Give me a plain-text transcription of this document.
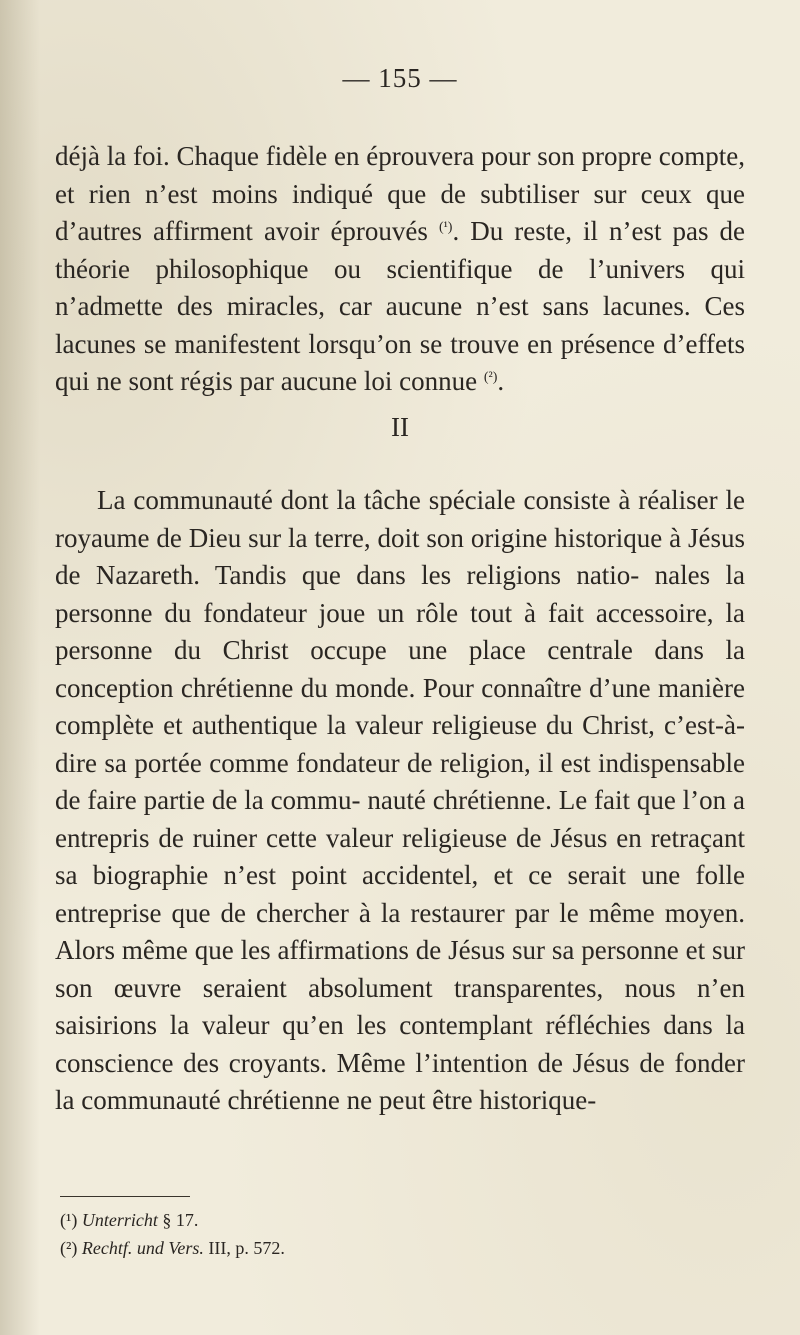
— 155 —
déjà la foi. Chaque fidèle en éprouvera pour son propre compte, et rien n’est moins indiqué que de subtiliser sur ceux que d’autres affirment avoir éprouvés $^{(^1)}$. Du reste, il n’est pas de théorie philosophique ou scientifique de l’univers qui n’admette des miracles, car aucune n’est sans lacunes. Ces lacunes se manifestent lorsqu’on se trouve en présence d’effets qui ne sont régis par aucune loi connue $^{(^2)}$.
II
La communauté dont la tâche spéciale consiste à réaliser le royaume de Dieu sur la terre, doit son origine historique à Jésus de Nazareth. Tandis que dans les religions natio- nales la personne du fondateur joue un rôle tout à fait accessoire, la personne du Christ occupe une place centrale dans la conception chrétienne du monde. Pour connaître d’une manière complète et authentique la valeur religieuse du Christ, c’est-à-dire sa portée comme fondateur de religion, il est indispensable de faire partie de la commu- nauté chrétienne. Le fait que l’on a entrepris de ruiner cette valeur religieuse de Jésus en retraçant sa biographie n’est point accidentel, et ce serait une folle entreprise que de chercher à la restaurer par le même moyen. Alors même que les affirmations de Jésus sur sa personne et sur son œuvre seraient absolument transparentes, nous n’en saisirions la valeur qu’en les contemplant réfléchies dans la conscience des croyants. Même l’intention de Jésus de fonder la communauté chrétienne ne peut être historique-
(¹) Unterricht § 17.
(²) Rechtf. und Vers. III, p. 572.
